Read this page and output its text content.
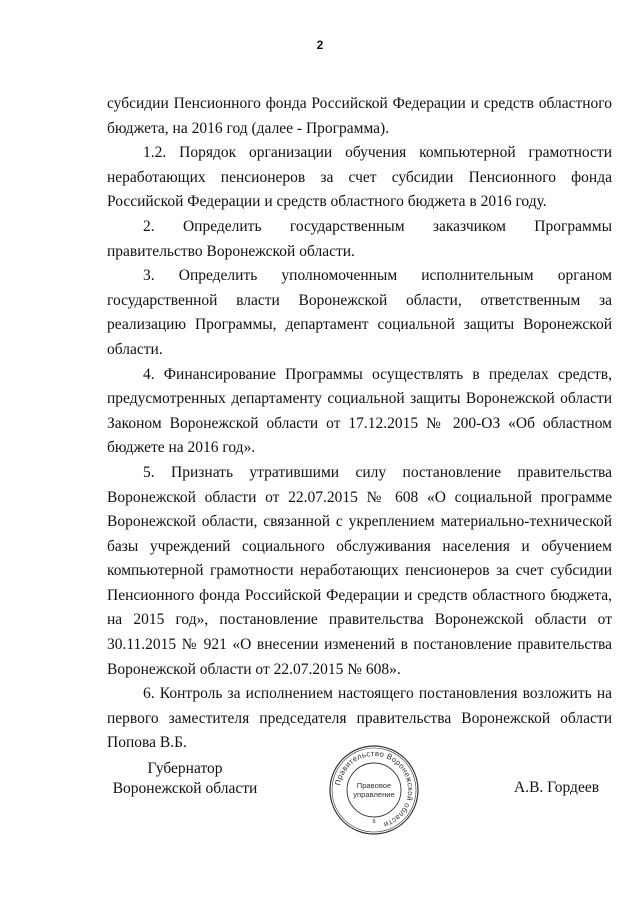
2

субсидии Пенсионного фонда Российской Федерации и средств областного бюджета, на 2016 год (далее - Программа).

1.2. Порядок организации обучения компьютерной грамотности неработающих пенсионеров за счет субсидии Пенсионного фонда Российской Федерации и средств областного бюджета в 2016 году.

2. Определить государственным заказчиком Программы правительство Воронежской области.

3. Определить уполномоченным исполнительным органом государственной власти Воронежской области, ответственным за реализацию Программы, департамент социальной защиты Воронежской области.

4. Финансирование Программы осуществлять в пределах средств, предусмотренных департаменту социальной защиты Воронежской области Законом Воронежской области от 17.12.2015 № 200-ОЗ «Об областном бюджете на 2016 год».

5. Признать утратившими силу постановление правительства Воронежской области от 22.07.2015 № 608 «О социальной программе Воронежской области, связанной с укреплением материально-технической базы учреждений социального обслуживания населения и обучением компьютерной грамотности неработающих пенсионеров за счет субсидии Пенсионного фонда Российской Федерации и средств областного бюджета, на 2015 год», постановление правительства Воронежской области от 30.11.2015 № 921 «О внесении изменений в постановление правительства Воронежской области от 22.07.2015 № 608».

6. Контроль за исполнением настоящего постановления возложить на первого заместителя председателя правительства Воронежской области Попова В.Б.

Губернатор
Воронежской области	А.В. Гордеев
Правительство Воронежской области
Правовое
управление
8
